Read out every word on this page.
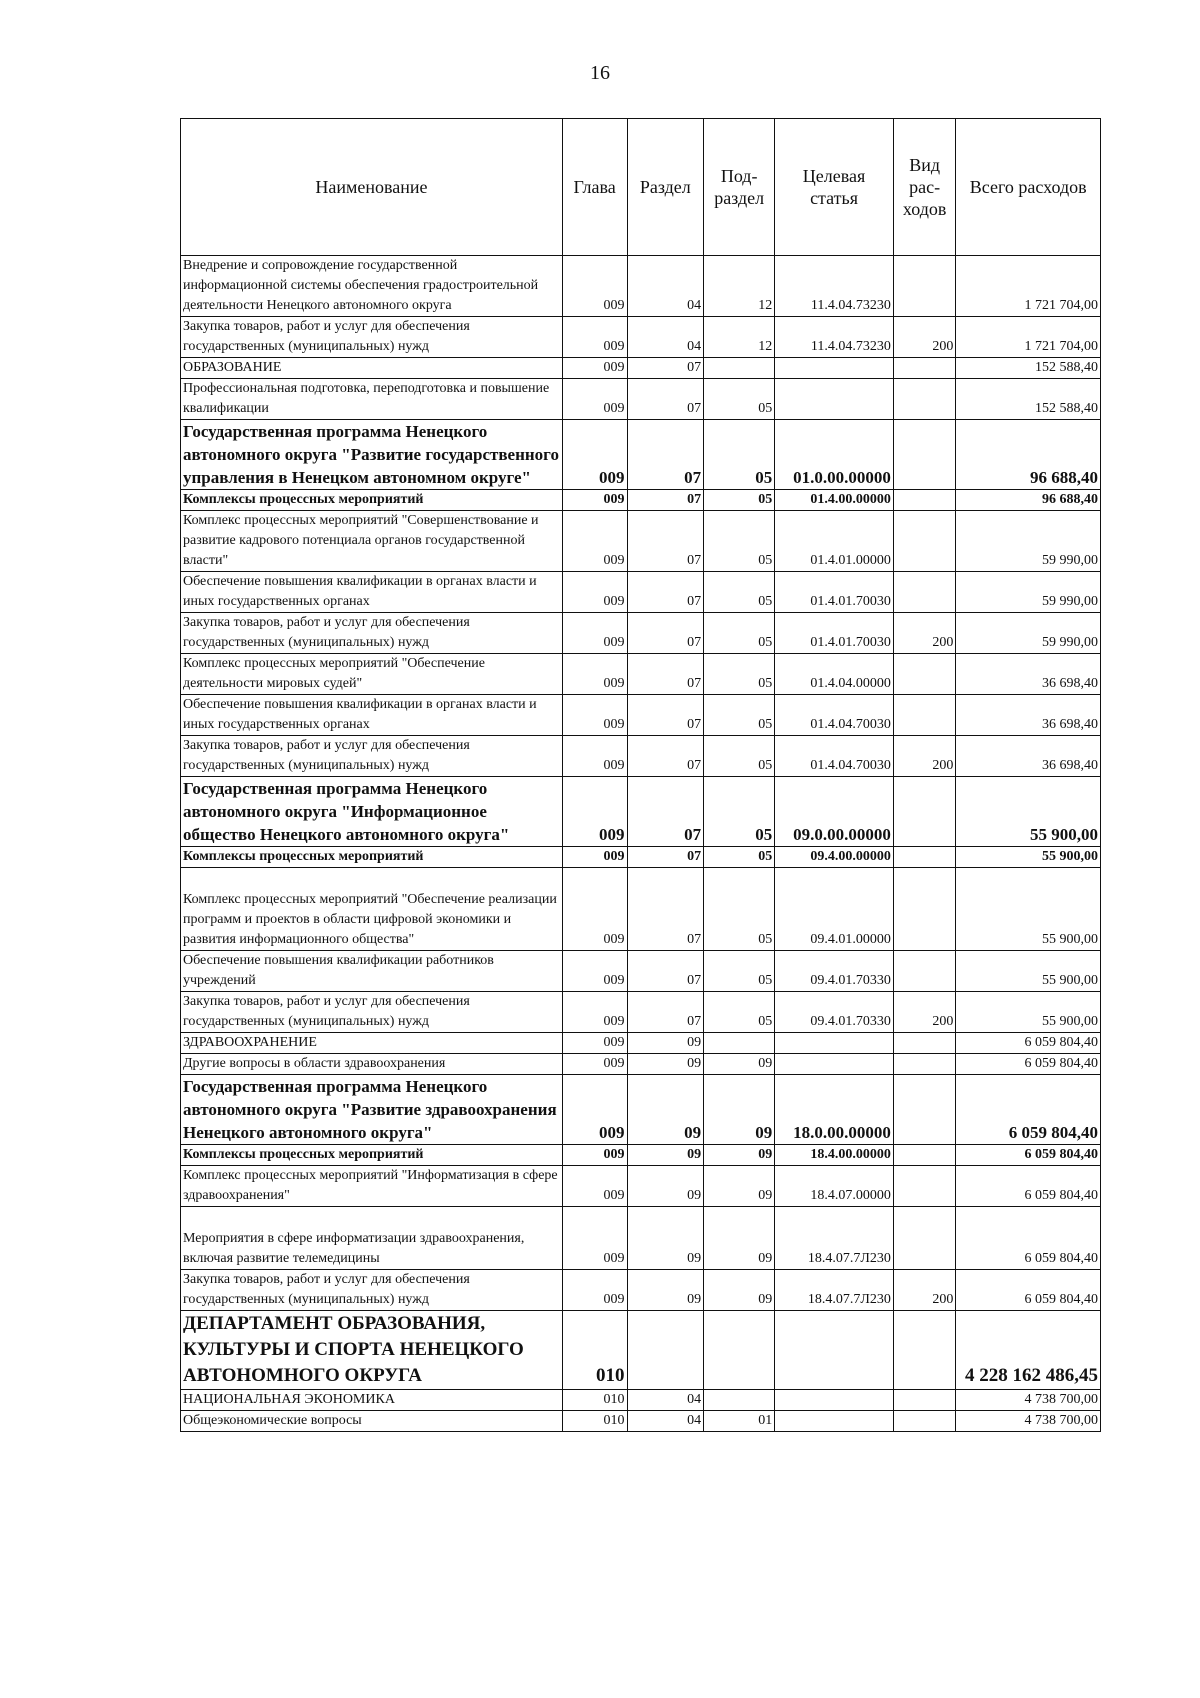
16
Наименование	Глава	Раздел	Под-раздел	Целевая статья	Вид рас-ходов	Всего расходов
Внедрение и сопровождение государственной информационной системы обеспечения градостроительной деятельности Ненецкого автономного округа	009	04	12	11.4.04.73230		1 721 704,00
Закупка товаров, работ и услуг для обеспечения государственных (муниципальных) нужд	009	04	12	11.4.04.73230	200	1 721 704,00
ОБРАЗОВАНИЕ	009	07				152 588,40
Профессиональная подготовка, переподготовка и повышение квалификации	009	07	05			152 588,40
Государственная программа Ненецкого автономного округа "Развитие государственного управления в Ненецком автономном округе"	009	07	05	01.0.00.00000		96 688,40
Комплексы процессных мероприятий	009	07	05	01.4.00.00000		96 688,40
Комплекс процессных мероприятий "Совершенствование и развитие кадрового потенциала органов государственной власти"	009	07	05	01.4.01.00000		59 990,00
Обеспечение повышения квалификации в органах власти и иных государственных органах	009	07	05	01.4.01.70030		59 990,00
Закупка товаров, работ и услуг для обеспечения государственных (муниципальных) нужд	009	07	05	01.4.01.70030	200	59 990,00
Комплекс процессных мероприятий "Обеспечение деятельности мировых судей"	009	07	05	01.4.04.00000		36 698,40
Обеспечение повышения квалификации в органах власти и иных государственных органах	009	07	05	01.4.04.70030		36 698,40
Закупка товаров, работ и услуг для обеспечения государственных (муниципальных) нужд	009	07	05	01.4.04.70030	200	36 698,40
Государственная программа Ненецкого автономного округа "Информационное общество Ненецкого автономного округа"	009	07	05	09.0.00.00000		55 900,00
Комплексы процессных мероприятий	009	07	05	09.4.00.00000		55 900,00
Комплекс процессных мероприятий "Обеспечение реализации программ и проектов в области цифровой экономики и развития информационного общества"	009	07	05	09.4.01.00000		55 900,00
Обеспечение повышения квалификации работников учреждений	009	07	05	09.4.01.70330		55 900,00
Закупка товаров, работ и услуг для обеспечения государственных (муниципальных) нужд	009	07	05	09.4.01.70330	200	55 900,00
ЗДРАВООХРАНЕНИЕ	009	09				6 059 804,40
Другие вопросы в области здравоохранения	009	09	09			6 059 804,40
Государственная программа Ненецкого автономного округа "Развитие здравоохранения Ненецкого автономного округа"	009	09	09	18.0.00.00000		6 059 804,40
Комплексы процессных мероприятий	009	09	09	18.4.00.00000		6 059 804,40
Комплекс процессных мероприятий "Информатизация в сфере здравоохранения"	009	09	09	18.4.07.00000		6 059 804,40
Мероприятия в сфере информатизации здравоохранения, включая развитие телемедицины	009	09	09	18.4.07.7Л230		6 059 804,40
Закупка товаров, работ и услуг для обеспечения государственных (муниципальных) нужд	009	09	09	18.4.07.7Л230	200	6 059 804,40
ДЕПАРТАМЕНТ ОБРАЗОВАНИЯ, КУЛЬТУРЫ И СПОРТА НЕНЕЦКОГО АВТОНОМНОГО ОКРУГА	010					4 228 162 486,45
НАЦИОНАЛЬНАЯ ЭКОНОМИКА	010	04				4 738 700,00
Общеэкономические вопросы	010	04	01			4 738 700,00
